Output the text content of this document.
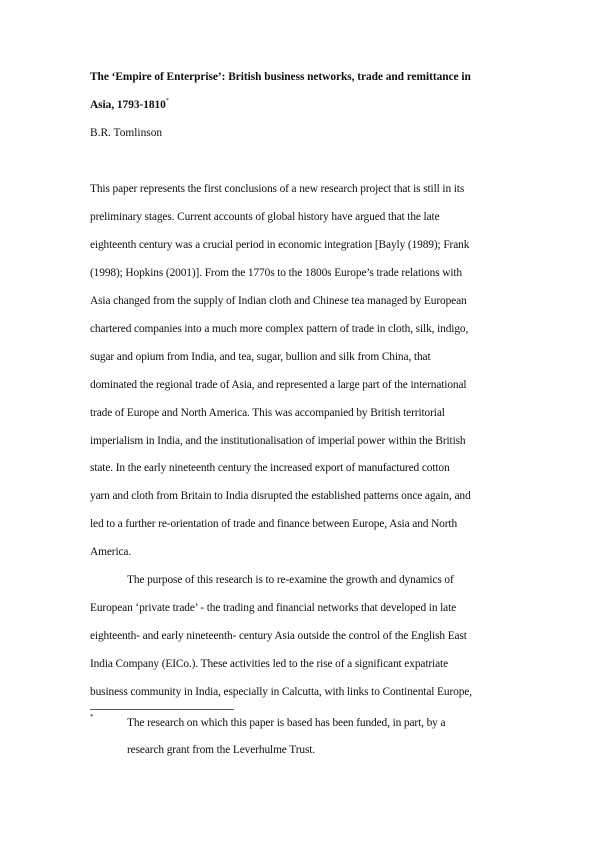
The ‘Empire of Enterprise’: British business networks, trade and remittance in
Asia, 1793-1810*
B.R. Tomlinson
This paper represents the first conclusions of a new research project that is still in its
preliminary stages. Current accounts of global history have argued that the late
eighteenth century was a crucial period in economic integration [Bayly (1989); Frank
(1998); Hopkins (2001)]. From the 1770s to the 1800s Europe’s trade relations with
Asia changed from the supply of Indian cloth and Chinese tea managed by European
chartered companies into a much more complex pattern of trade in cloth, silk, indigo,
sugar and opium from India, and tea, sugar, bullion and silk from China, that
dominated the regional trade of Asia, and represented a large part of the international
trade of Europe and North America. This was accompanied by British territorial
imperialism in India, and the institutionalisation of imperial power within the British
state. In the early nineteenth century the increased export of manufactured cotton
yarn and cloth from Britain to India disrupted the established patterns once again, and
led to a further re-orientation of trade and finance between Europe, Asia and North
America.
The purpose of this research is to re-examine the growth and dynamics of
European ‘private trade’ - the trading and financial networks that developed in late
eighteenth- and early nineteenth- century Asia outside the control of the English East
India Company (EICo.). These activities led to the rise of a significant expatriate
business community in India, especially in Calcutta, with links to Continental Europe,
*	The research on which this paper is based has been funded, in part, by a
research grant from the Leverhulme Trust.
